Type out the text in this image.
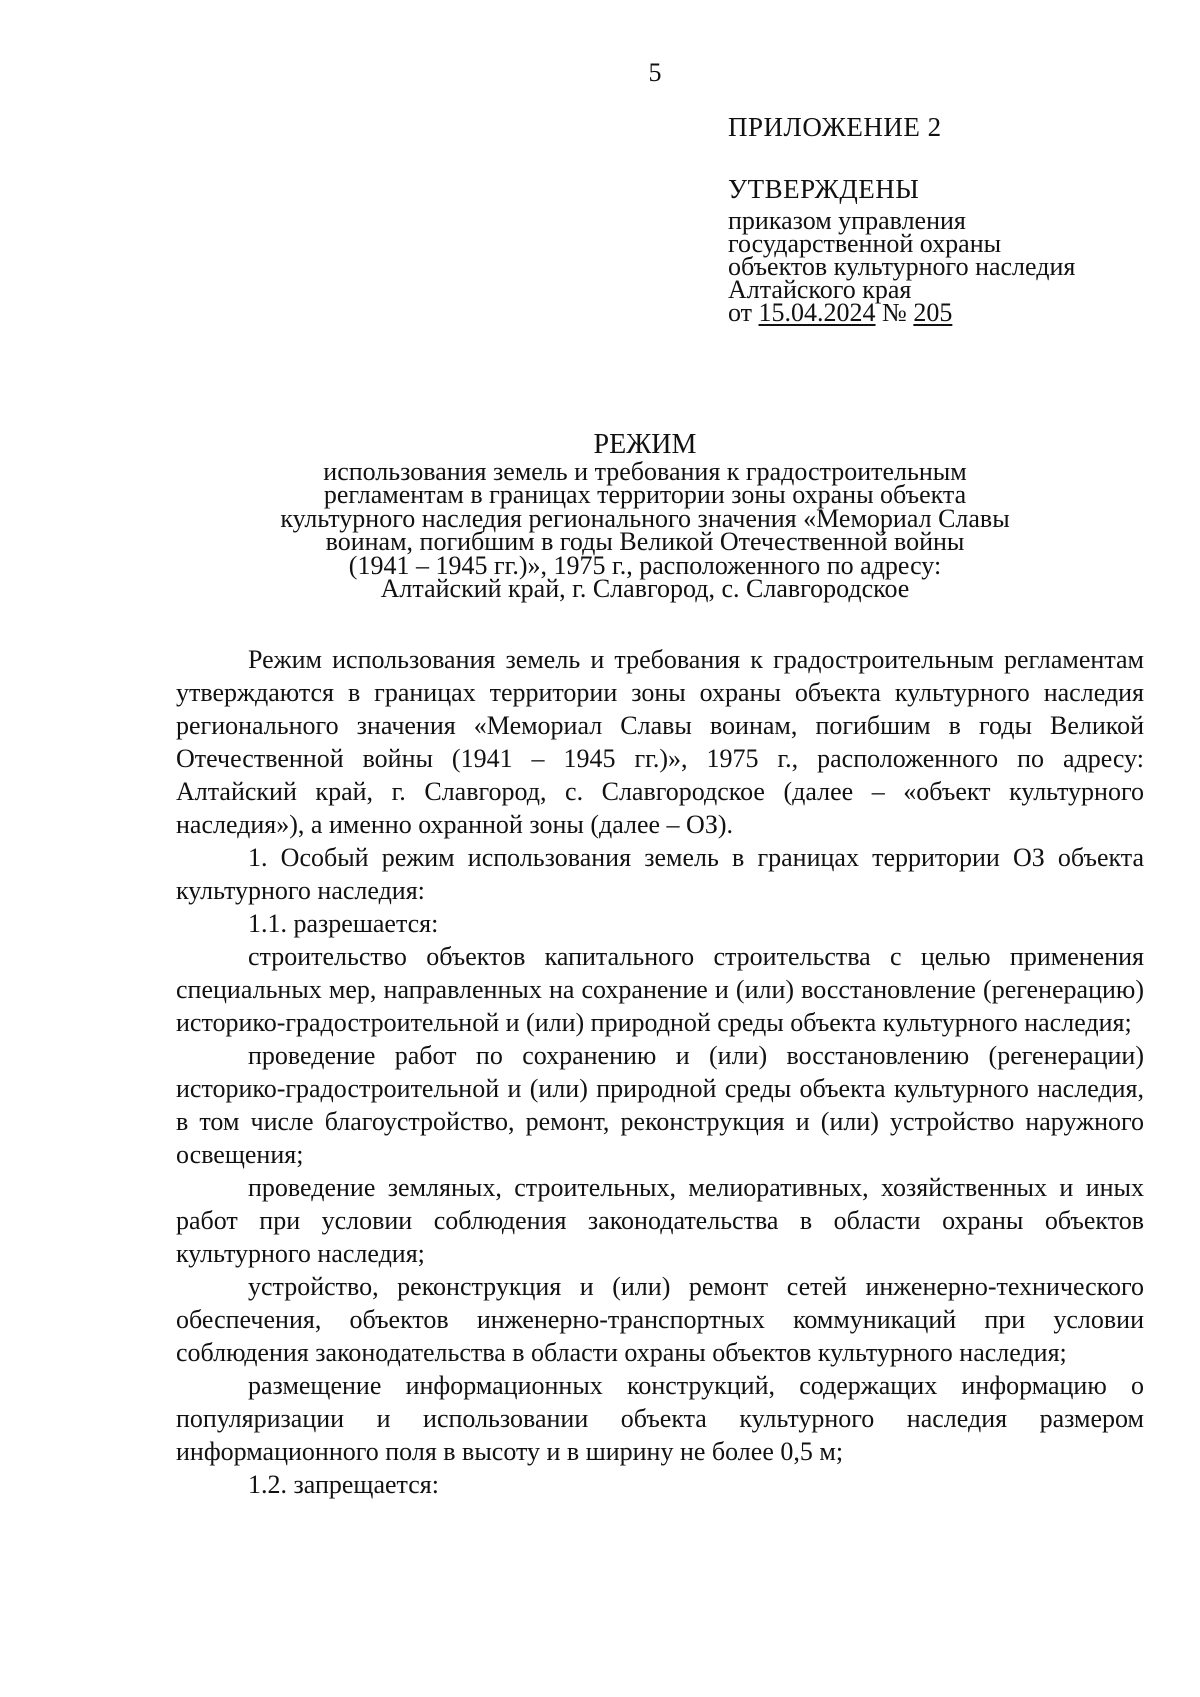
5
ПРИЛОЖЕНИЕ 2
УТВЕРЖДЕНЫ
приказом управления
государственной охраны
объектов культурного наследия
Алтайского края
от 15.04.2024 № 205
РЕЖИМ
использования земель и требования к градостроительным
регламентам в границах территории зоны охраны объекта
культурного наследия регионального значения «Мемориал Славы
воинам, погибшим в годы Великой Отечественной войны
(1941 – 1945 гг.)», 1975 г., расположенного по адресу:
Алтайский край, г. Славгород, с. Славгородское

Режим использования земель и требования к градостроительным регламентам утверждаются в границах территории зоны охраны объекта культурного наследия регионального значения «Мемориал Славы воинам, погибшим в годы Великой Отечественной войны (1941 – 1945 гг.)», 1975 г., расположенного по адресу: Алтайский край, г. Славгород, с. Славгородское (далее – «объект культурного наследия»), а именно охранной зоны (далее – ОЗ).

1. Особый режим использования земель в границах территории ОЗ объекта культурного наследия:

1.1. разрешается:

строительство объектов капитального строительства с целью применения специальных мер, направленных на сохранение и (или) восстановление (регенерацию) историко-градостроительной и (или) природной среды объекта культурного наследия;

проведение работ по сохранению и (или) восстановлению (регенерации) историко-градостроительной и (или) природной среды объекта культурного наследия, в том числе благоустройство, ремонт, реконструкция и (или) устройство наружного освещения;

проведение земляных, строительных, мелиоративных, хозяйственных и иных работ при условии соблюдения законодательства в области охраны объектов культурного наследия;

устройство, реконструкция и (или) ремонт сетей инженерно-технического обеспечения, объектов инженерно-транспортных коммуникаций при условии соблюдения законодательства в области охраны объектов культурного наследия;

размещение информационных конструкций, содержащих информацию о популяризации и использовании объекта культурного наследия размером информационного поля в высоту и в ширину не более 0,5 м;

1.2. запрещается:
